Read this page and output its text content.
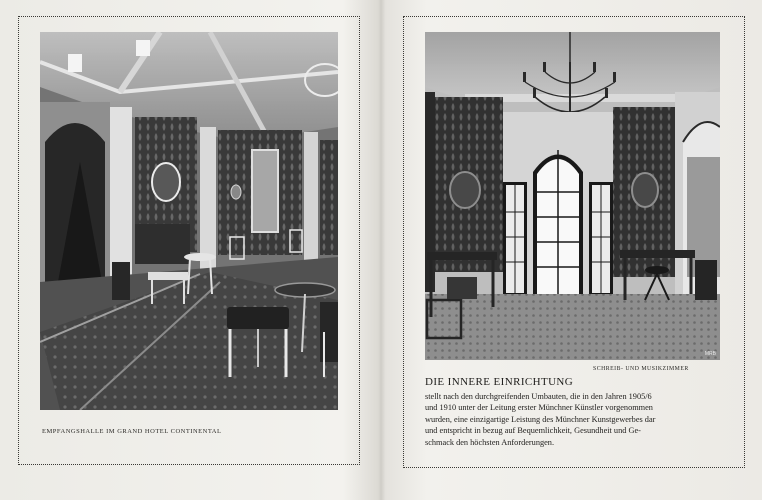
EMPFANGSHALLE IM GRAND HOTEL CONTINENTAL
MRB
SCHREIB- UND MUSIKZIMMER
DIE INNERE EINRICHTUNG

stellt nach den durchgreifenden Umbauten, die in den Jahren 1905/6
und 1910 unter der Leitung erster Münchner Künstler vorgenommen
wurden, eine einzigartige Leistung des Münchner Kunstgewerbes dar
und entspricht in bezug auf Bequemlichkeit, Gesundheit und Ge-
schmack den höchsten Anforderungen.
